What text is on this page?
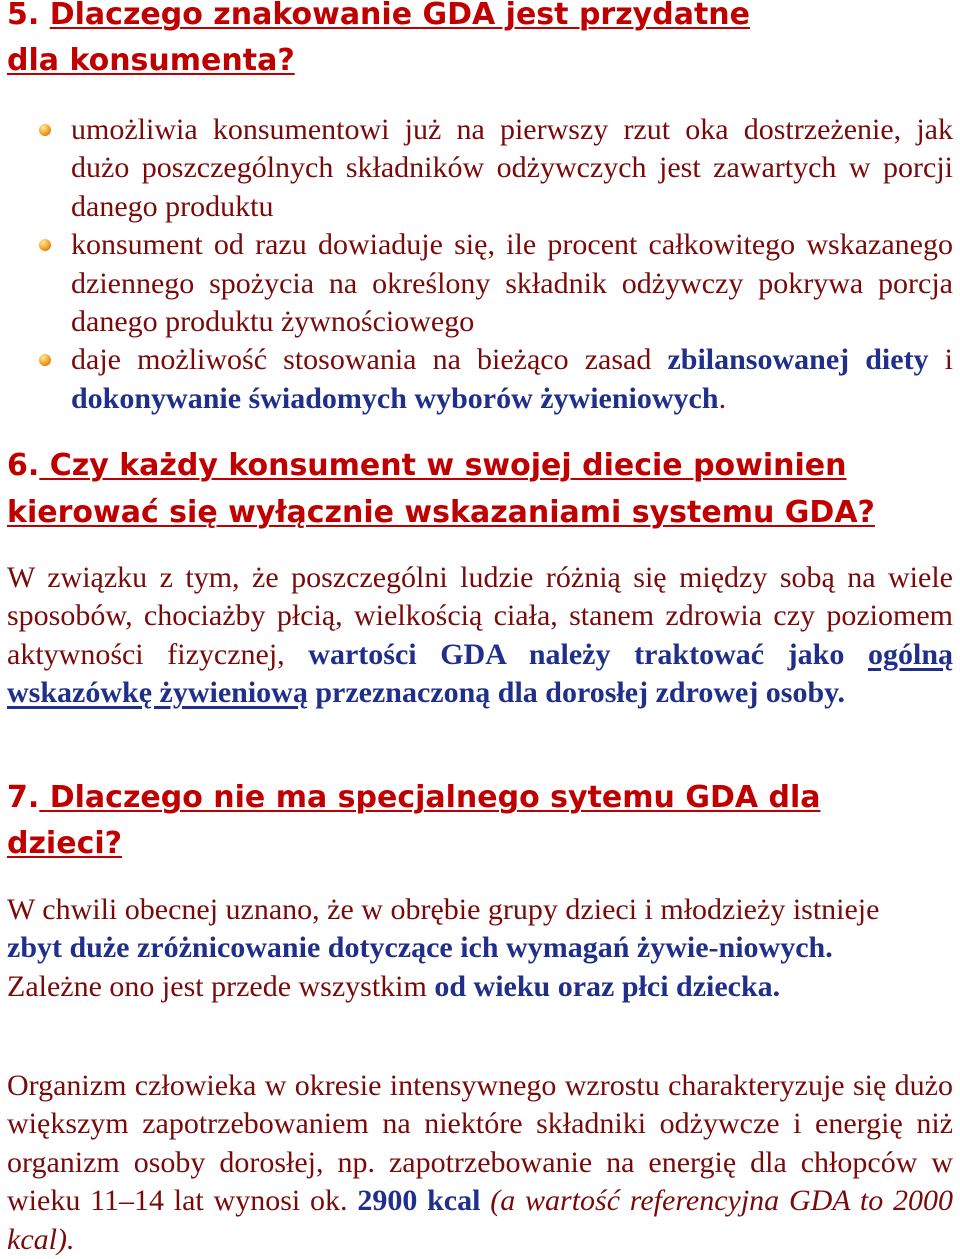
5. Dlaczego znakowanie GDA jest przydatne
dla konsumenta?
umożliwia konsumentowi już na pierwszy rzut oka dostrzeżenie, jak dużo poszczególnych składników odżywczych jest zawartych w porcji danego produktu
konsument od razu dowiaduje się, ile procent całkowitego wskazanego dziennego spożycia na określony składnik odżywczy pokrywa porcja danego produktu żywnościowego
daje możliwość stosowania na bieżąco zasad zbilansowanej diety i dokonywanie świadomych wyborów żywieniowych.
6. Czy każdy konsument w swojej diecie powinien
kierować się wyłącznie wskazaniami systemu GDA?

W związku z tym, że poszczególni ludzie różnią się między sobą na wiele sposobów, chociażby płcią, wielkością ciała, stanem zdrowia czy poziomem aktywności fizycznej, wartości GDA należy traktować jako ogólną wskazówkę żywieniową przeznaczoną dla dorosłej zdrowej osoby.

7. Dlaczego nie ma specjalnego sytemu GDA dla
dzieci?

W chwili obecnej uznano, że w obrębie grupy dzieci i młodzieży istnieje zbyt duże zróżnicowanie dotyczące ich wymagań żywie-niowych. Zależne ono jest przede wszystkim od wieku oraz płci dziecka.

Organizm człowieka w okresie intensywnego wzrostu charakteryzuje się dużo większym zapotrzebowaniem na niektóre składniki odżywcze i energię niż organizm osoby dorosłej, np. zapotrzebowanie na energię dla chłopców w wieku 11–14 lat wynosi ok. 2900 kcal (a wartość referencyjna GDA to 2000 kcal).
